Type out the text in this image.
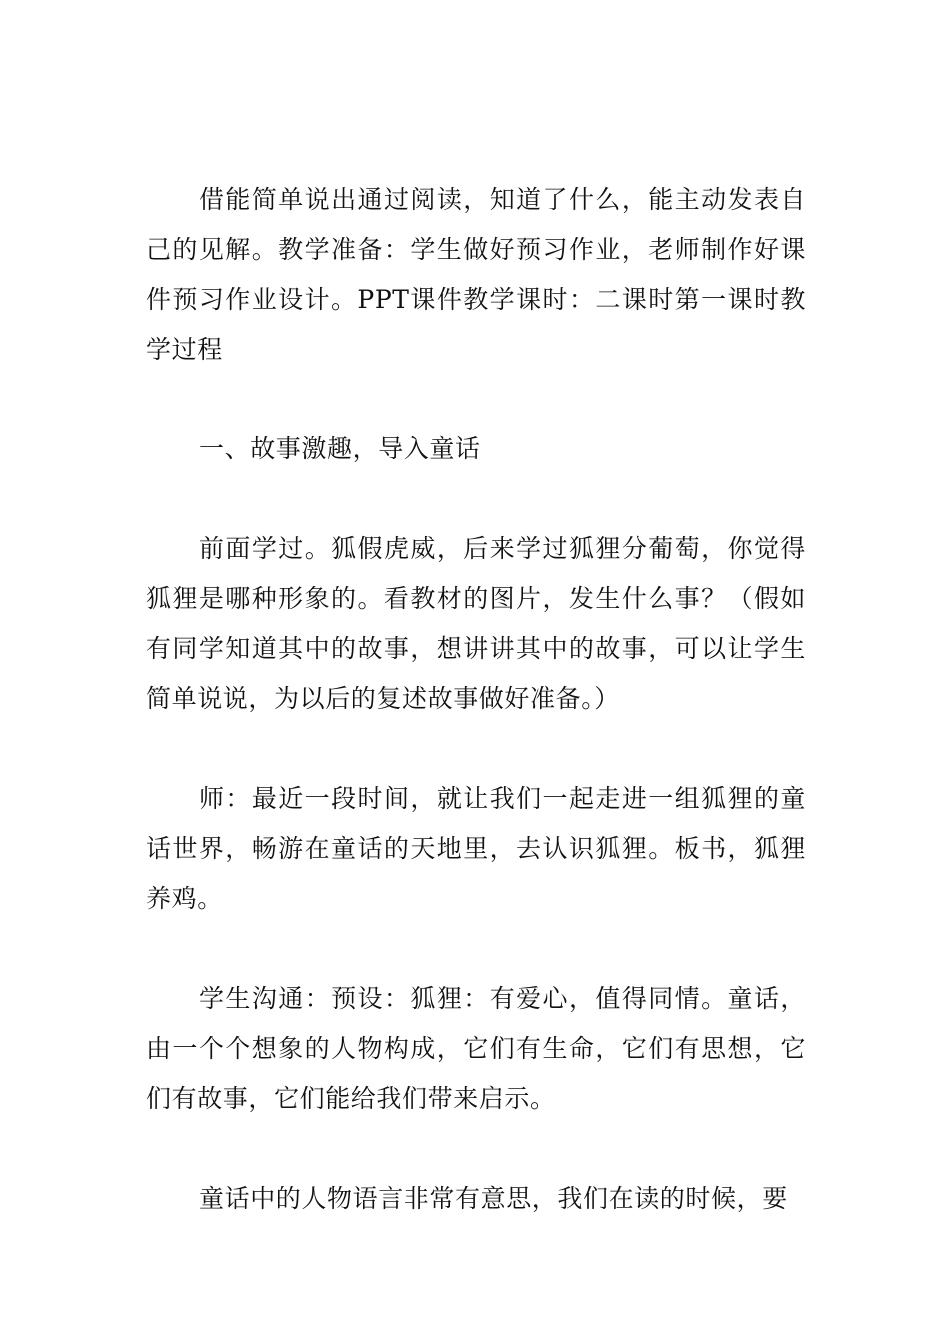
借能简单说出通过阅读，知道了什么，能主动发表自己的见解。教学准备：学生做好预习作业，老师制作好课件预习作业设计。PPT课件教学课时：二课时第一课时教学过程

一、故事激趣，导入童话

前面学过。狐假虎威，后来学过狐狸分葡萄，你觉得狐狸是哪种形象的。看教材的图片，发生什么事？（假如有同学知道其中的故事，想讲讲其中的故事，可以让学生简单说说，为以后的复述故事做好准备。）

师：最近一段时间，就让我们一起走进一组狐狸的童话世界，畅游在童话的天地里，去认识狐狸。板书，狐狸养鸡。

学生沟通：预设：狐狸：有爱心，值得同情。童话，由一个个想象的人物构成，它们有生命，它们有思想，它们有故事，它们能给我们带来启示。

童话中的人物语言非常有意思，我们在读的时候，要
